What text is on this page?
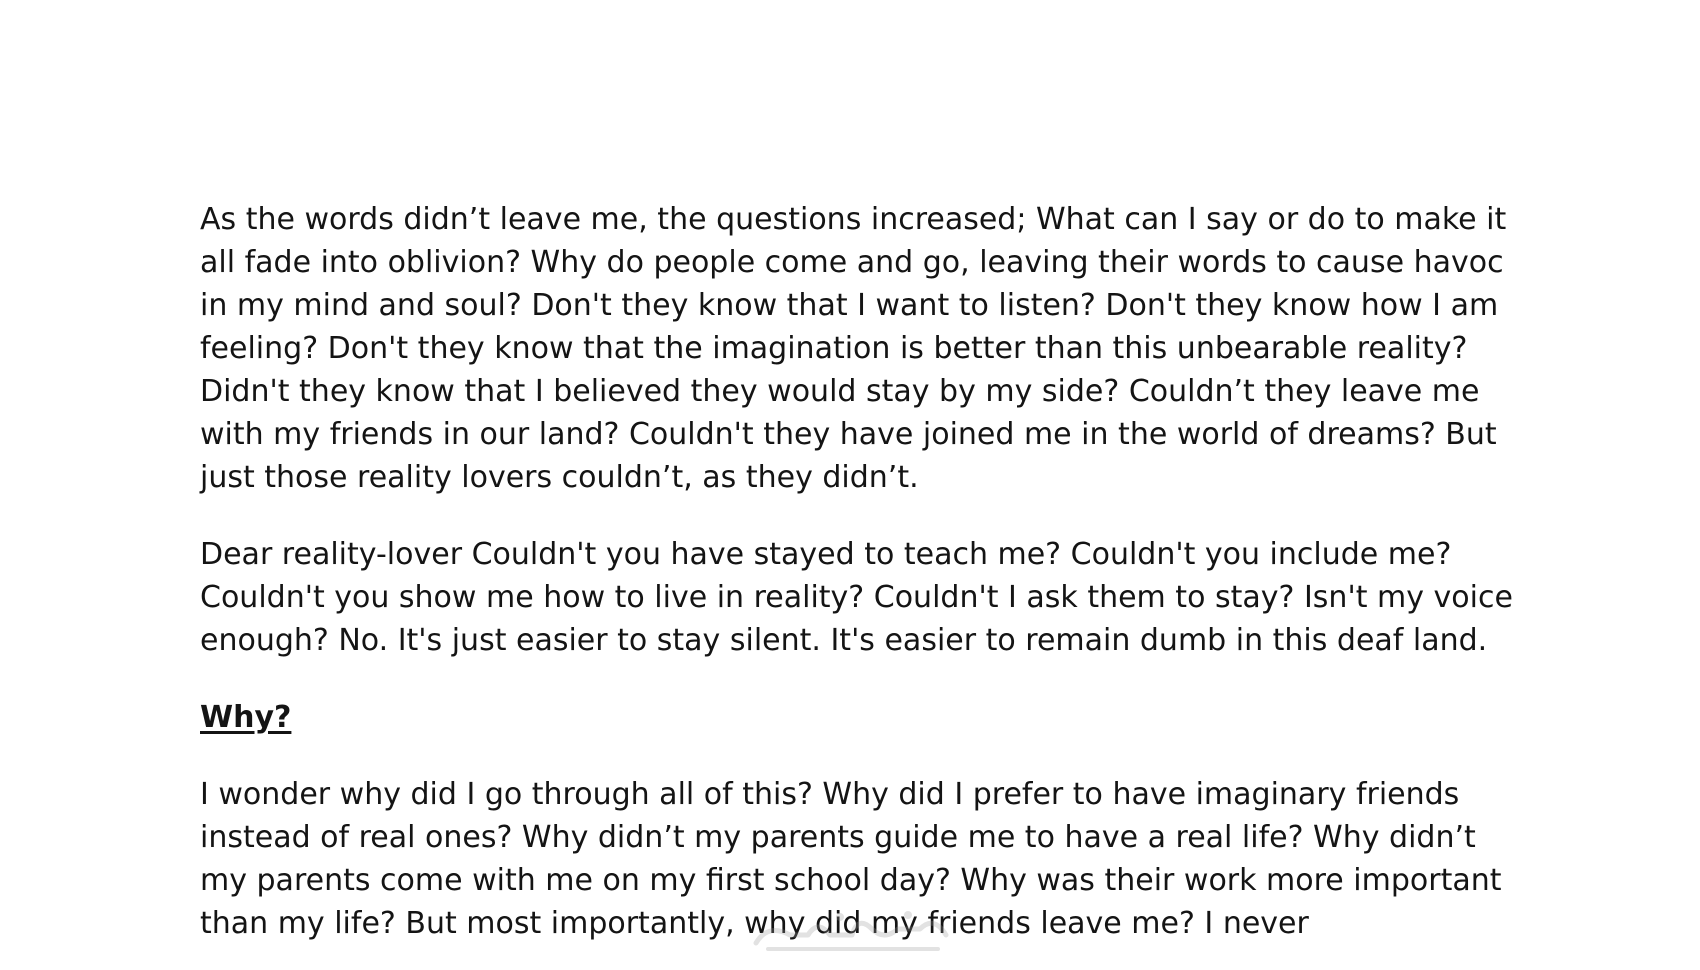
As the words didn’t leave me, the questions increased; What can I say or do to make it all fade into oblivion? Why do people come and go, leaving their words to cause havoc in my mind and soul? Don't they know that I want to listen? Don't they know how I am feeling? Don't they know that the imagination is better than this unbearable reality? Didn't they know that I believed they would stay by my side? Couldn’t they leave me with my friends in our land? Couldn't they have joined me in the world of dreams? But just those reality lovers couldn’t, as they didn’t.

Dear reality-lover Couldn't you have stayed to teach me? Couldn't you include me? Couldn't you show me how to live in reality? Couldn't I ask them to stay? Isn't my voice enough? No. It's just easier to stay silent. It's easier to remain dumb in this deaf land.

Why?

I wonder why did I go through all of this? Why did I prefer to have imaginary friends instead of real ones? Why didn’t my parents guide me to have a real life? Why didn’t my parents come with me on my first school day? Why was their work more important than my life? But most importantly, why did my friends leave me? I never
